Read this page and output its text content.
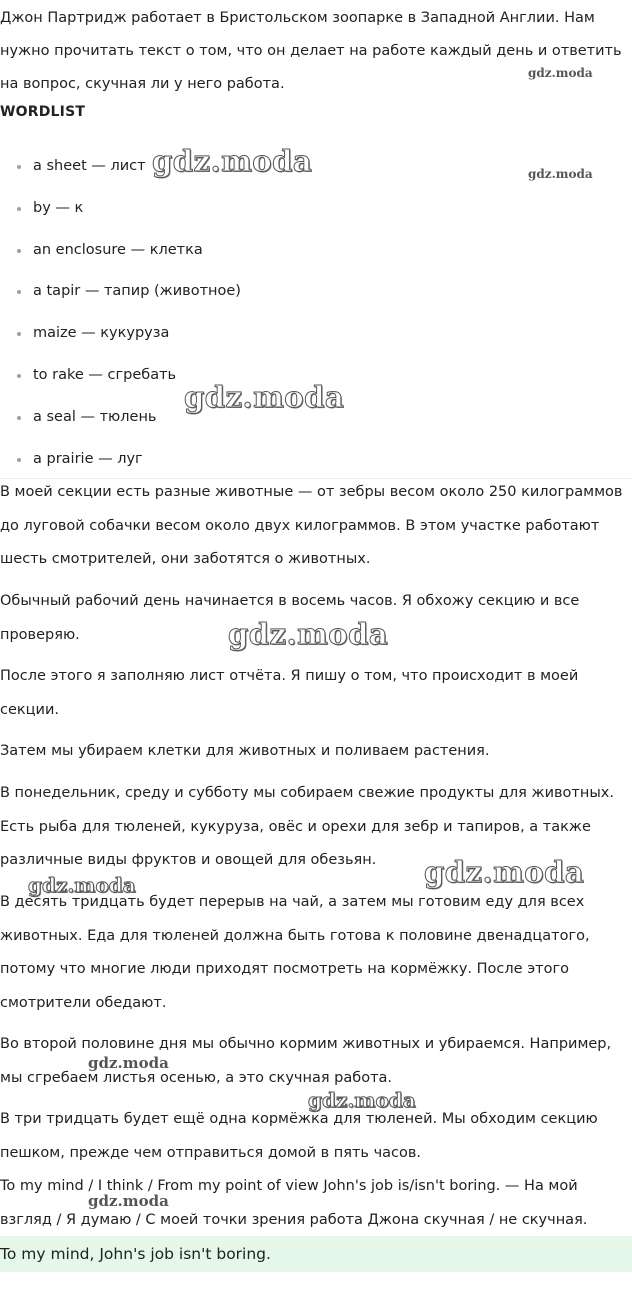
Джон Партридж работает в Бристольском зоопарке в Западной Англии. Нам нужно прочитать текст о том, что он делает на работе каждый день и ответить на вопрос, скучная ли у него работа.

WORDLIST
a sheet — лист
by — к
an enclosure — клетка
a tapir — тапир (животное)
maize — кукуруза
to rake — сгребать
a seal — тюлень
a prairie — луг

В моей секции есть разные животные — от зебры весом около 250 килограммов до луговой собачки весом около двух килограммов. В этом участке работают шесть смотрителей, они заботятся о животных.

Обычный рабочий день начинается в восемь часов. Я обхожу секцию и все проверяю.

После этого я заполняю лист отчёта. Я пишу о том, что происходит в моей секции.

Затем мы убираем клетки для животных и поливаем растения.

В понедельник, среду и субботу мы собираем свежие продукты для животных. Есть рыба для тюленей, кукуруза, овёс и орехи для зебр и тапиров, а также различные виды фруктов и овощей для обезьян.

В десять тридцать будет перерыв на чай, а затем мы готовим еду для всех животных. Еда для тюленей должна быть готова к половине двенадцатого, потому что многие люди приходят посмотреть на кормёжку. После этого смотрители обедают.

Во второй половине дня мы обычно кормим животных и убираемся. Например, мы сгребаем листья осенью, а это скучная работа.

В три тридцать будет ещё одна кормёжка для тюленей. Мы обходим секцию пешком, прежде чем отправиться домой в пять часов.

To my mind / I think / From my point of view John's job is/isn't boring. — На мой взгляд / Я думаю / С моей точки зрения работа Джона скучная / не скучная.

To my mind, John's job isn't boring.
gdz.moda
gdz.moda	gdz.moda
gdz.moda
gdz.moda
gdz.moda
gdz.moda
gdz.moda
gdz.moda
gdz.moda
